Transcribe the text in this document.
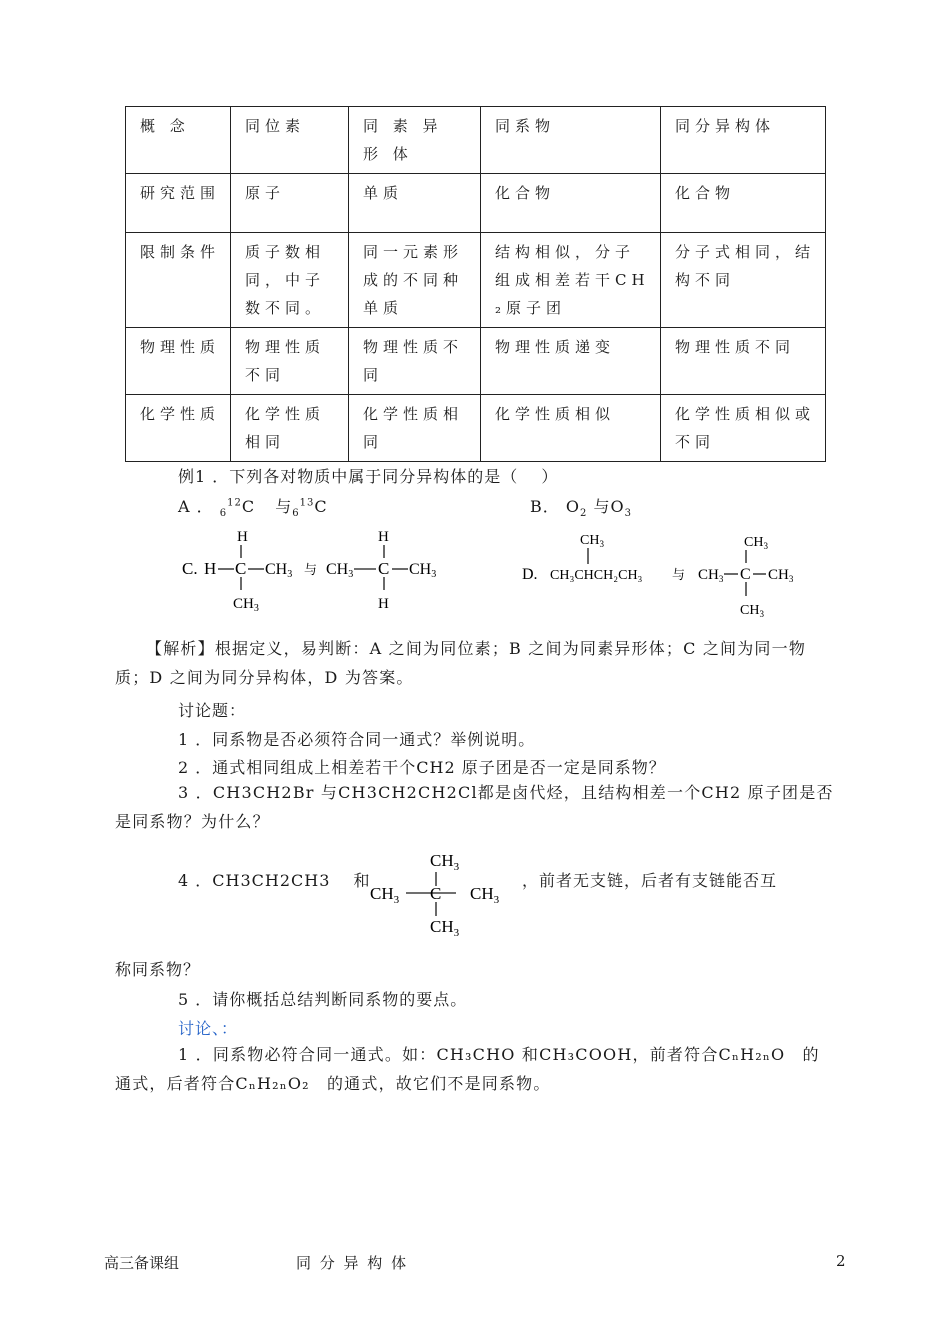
概 念	同位素	同 素 异 形 体	同系物	同分异构体
研究范围	原子	单质	化合物	化合物
限制条件	质子数相同，中子数不同。	同一元素形成的不同种单质	结构相似，分子组成相差若干CH₂原子团	分子式相同，结构不同
物理性质	物理性质不同	物理性质不同	物理性质递变	物理性质不同
化学性质	化学性质相同	化学性质相同	化学性质相似	化学性质相似或不同
例1 ．下列各对物质中属于同分异构体的是（　 ）
A ． $_6^{12}$C 与$_6^{13}$C	B． $O_2$ 与$O_3$
C. H C
H
$CH_3$
CH3 与 CH3 C
H
H
CH3	D.
$CH_3$
CH₃CHCH₂CH₃ 与 $CH_3$ C $CH_3$
$CH_3$
$CH_3$
【解析】根据定义，易判断：A 之间为同位素；B 之间为同素异形体；C 之间为同一物质；D 之间为同分异构体，D 为答案。
讨论题：
1 ．同系物是否必须符合同一通式？举例说明。
2 ．通式相同组成上相差若干个CH2 原子团是否一定是同系物？
3 ．CH3CH2Br 与CH3CH2CH2Cl都是卤代烃，且结构相差一个CH2 原子团是否是同系物？为什么？
4 ．CH3CH2CH3 　和
$CH_3$
$CH_3$ C $CH_3$
$CH_3$
，前者无支链，后者有支链能否互
称同系物？
5 ．请你概括总结判断同系物的要点。
讨论、：
1 ．同系物必符合同一通式。如：CH₃CHO 和CH₃COOH，前者符合CₙH₂ₙO　的通式，后者符合CₙH₂ₙO₂　的通式，故它们不是同系物。
高三备课组	同 分 异 构 体	2
